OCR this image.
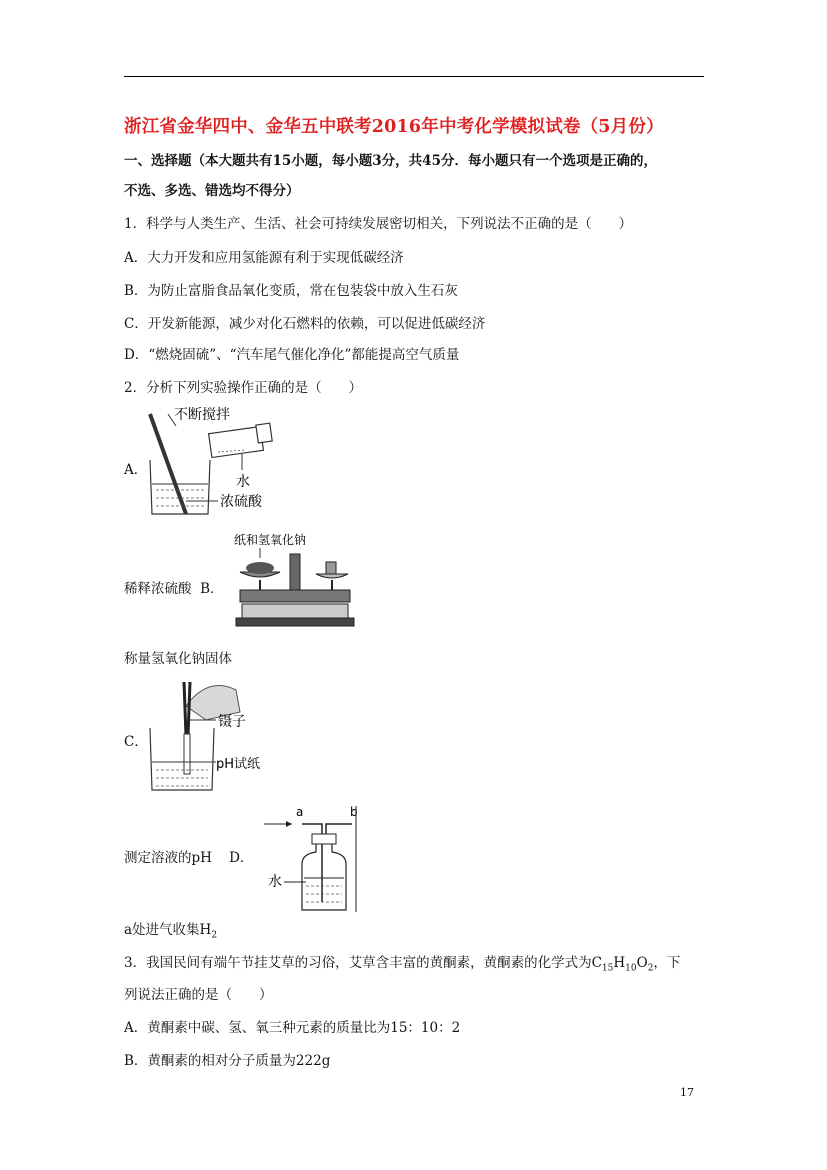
浙江省金华四中、金华五中联考2016年中考化学模拟试卷（5月份）
一、选择题（本大题共有15小题，每小题3分，共45分．每小题只有一个选项是正确的，
不选、多选、错选均不得分）
1．科学与人类生产、生活、社会可持续发展密切相关，下列说法不正确的是（　　）
A．大力开发和应用氢能源有利于实现低碳经济
B．为防止富脂食品氧化变质，常在包装袋中放入生石灰
C．开发新能源，减少对化石燃料的依赖，可以促进低碳经济
D．“燃烧固硫”、“汽车尾气催化净化”都能提高空气质量
2．分析下列实验操作正确的是（　　）
A．
不断搅拌
水
浓硫酸
稀释浓硫酸 B．
纸和氢氧化钠
称量氢氧化钠固体
C．
镊子
pH试纸
测定溶液的pH D．
a	b
水
a处进气收集$H_2$
3．我国民间有端午节挂艾草的习俗，艾草含丰富的黄酮素，黄酮素的化学式为$C_{15}H_{10}O_2$，下
列说法正确的是（　　）
A．黄酮素中碳、氢、氧三种元素的质量比为15：10：2
B．黄酮素的相对分子质量为222g
17
